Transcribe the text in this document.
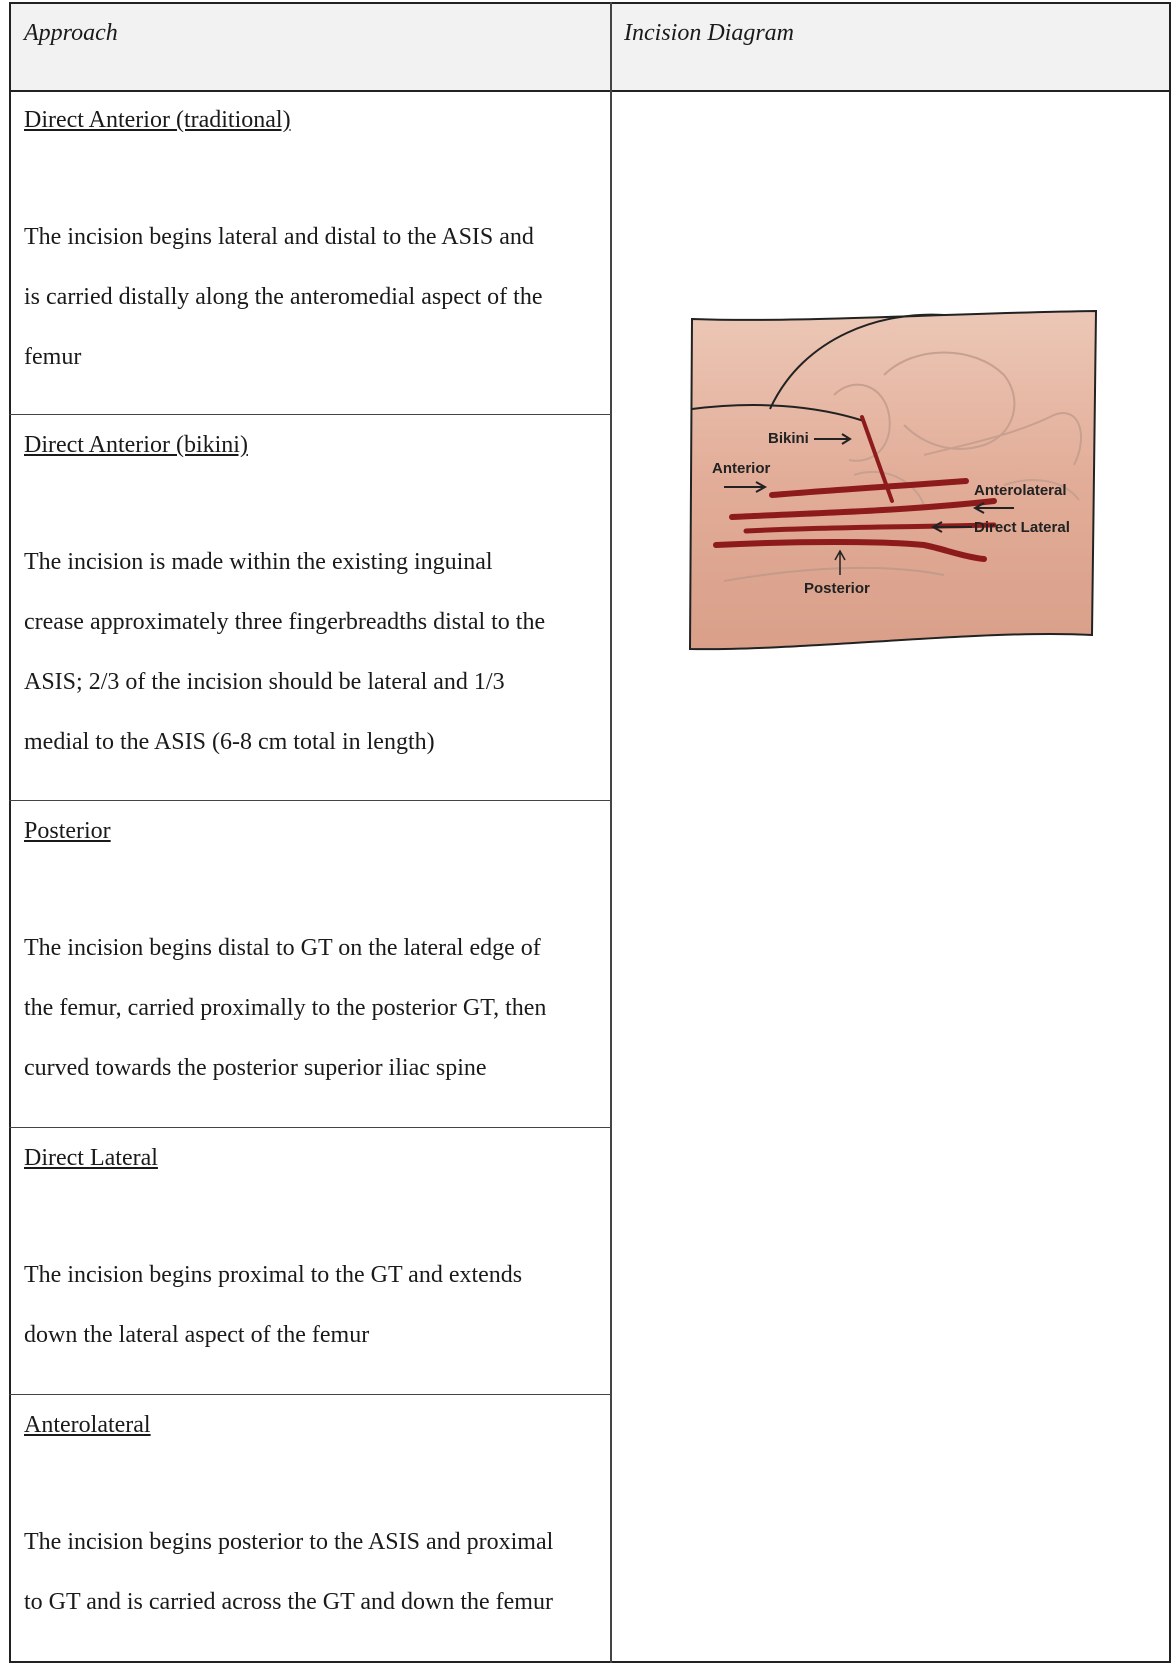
Approach	Incision Diagram
Direct Anterior (traditional)
The incision begins lateral and distal to the ASIS and
is carried distally along the anteromedial aspect of the
femur
Direct Anterior (bikini)
The incision is made within the existing inguinal
crease approximately three fingerbreadths distal to the
ASIS; 2/3 of the incision should be lateral and 1/3
medial to the ASIS (6-8 cm total in length)
Posterior
The incision begins distal to GT on the lateral edge of
the femur, carried proximally to the posterior GT, then
curved towards the posterior superior iliac spine
Direct Lateral
The incision begins proximal to the GT and extends
down the lateral aspect of the femur
Anterolateral
The incision begins posterior to the ASIS and proximal
to GT and is carried across the GT and down the femur
Bikini
Anterior
Anterolateral
Direct Lateral
Posterior
